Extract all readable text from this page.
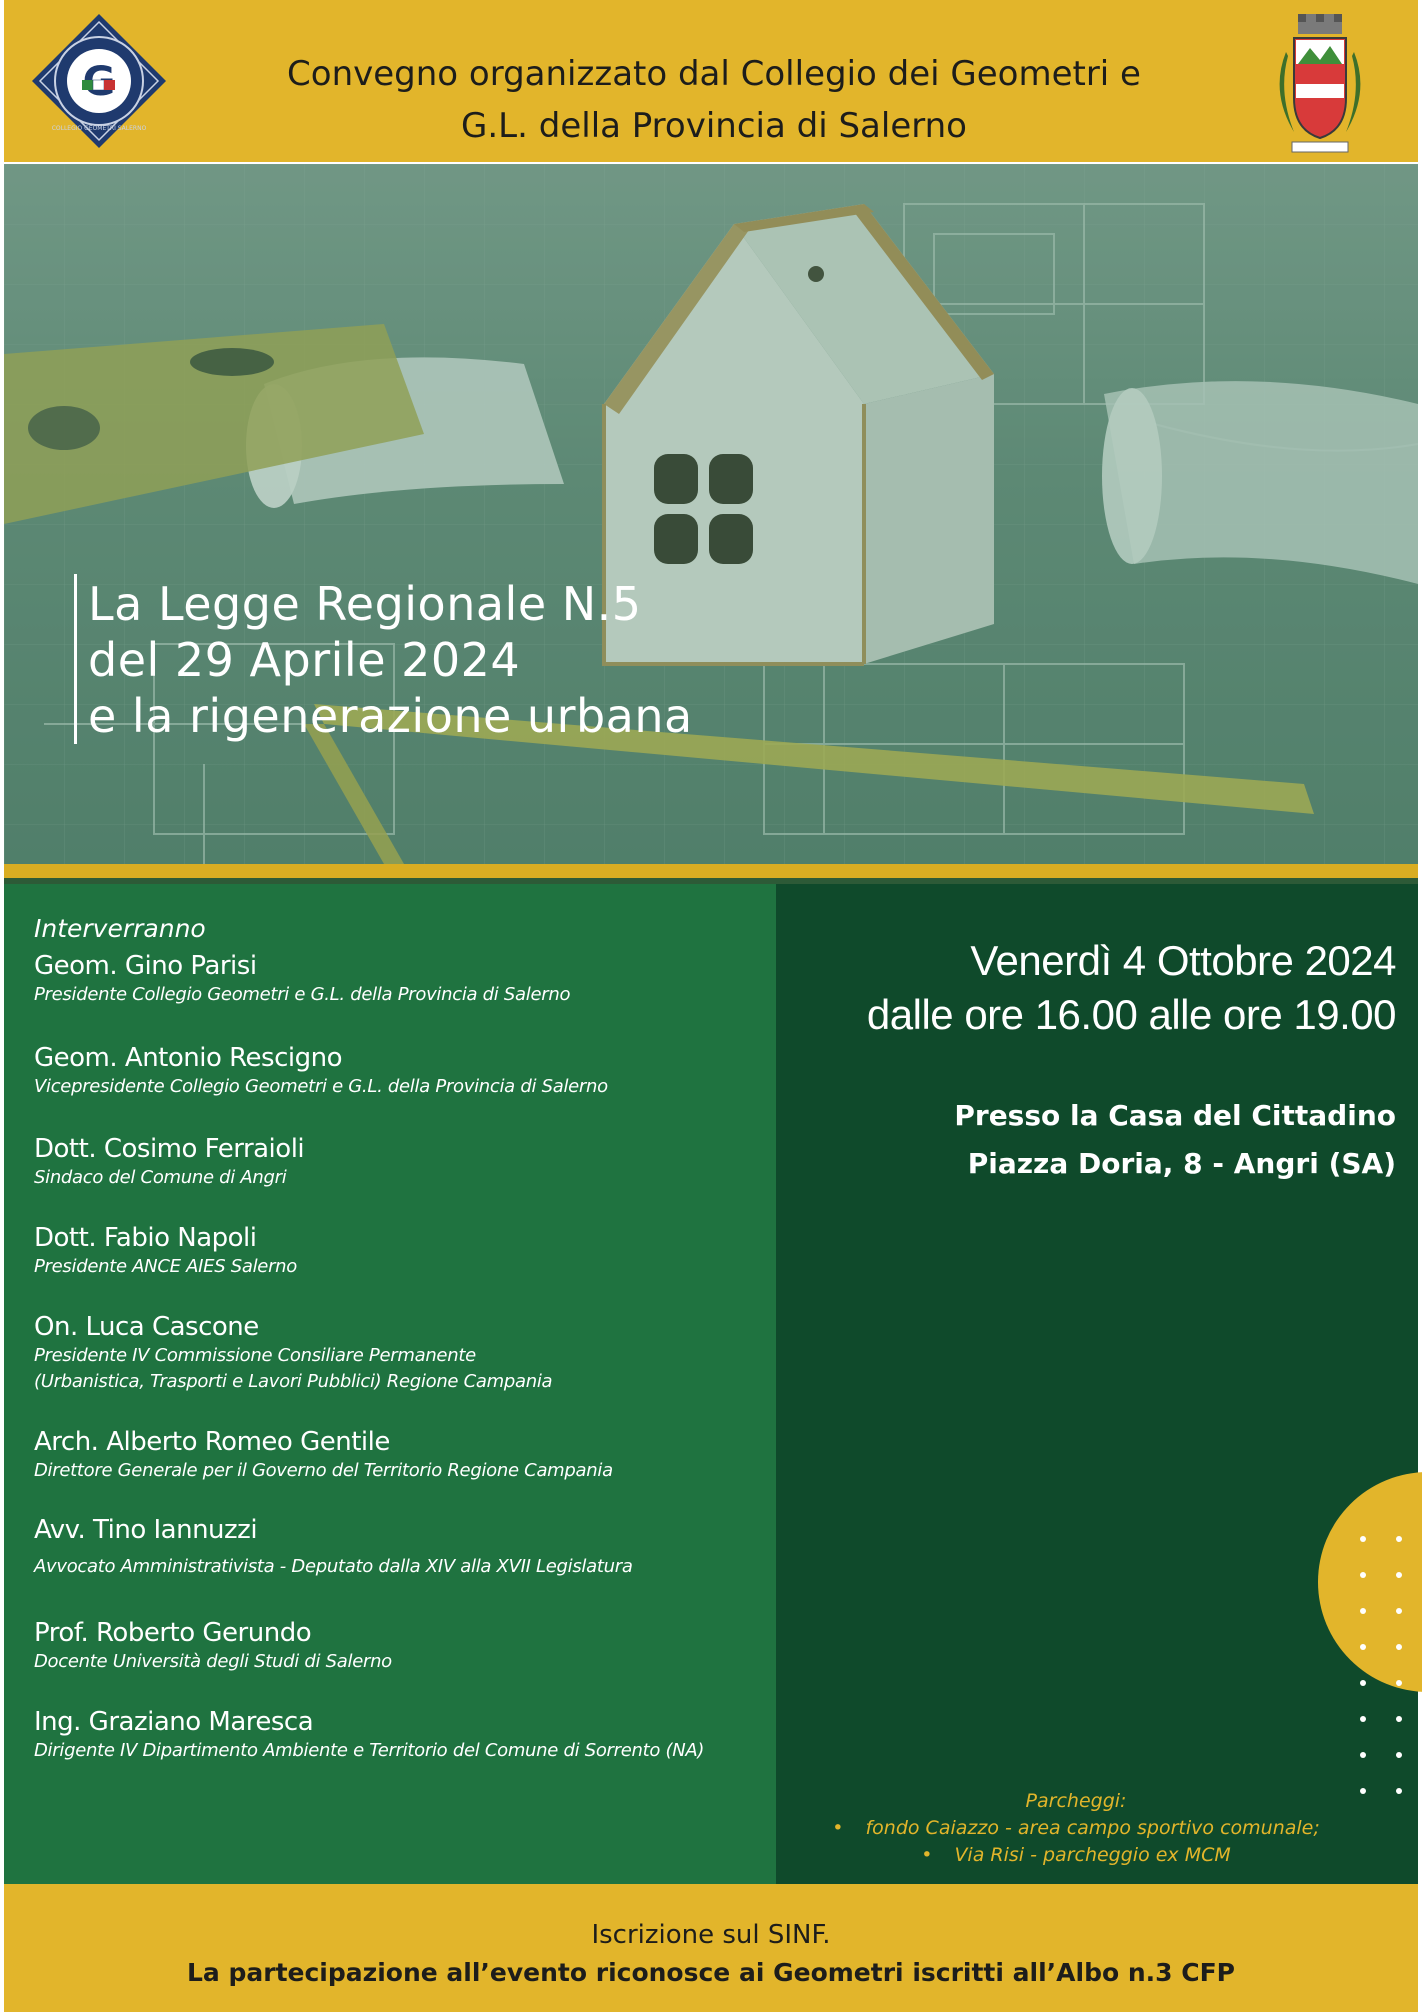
COLLEGIO GEOMETRI SALERNO
Convegno organizzato dal Collegio dei Geometri e
G.L. della Provincia di Salerno
La Legge Regionale N.5
del 29 Aprile 2024
e la rigenerazione urbana
Interverranno
Geom. Gino Parisi
Presidente Collegio Geometri e G.L. della Provincia di Salerno
Geom. Antonio Rescigno
Vicepresidente Collegio Geometri e G.L. della Provincia di Salerno
Dott. Cosimo Ferraioli
Sindaco del Comune di Angri
Dott. Fabio Napoli
Presidente ANCE AIES Salerno
On. Luca Cascone
Presidente IV Commissione Consiliare Permanente
(Urbanistica, Trasporti e Lavori Pubblici) Regione Campania
Arch. Alberto Romeo Gentile
Direttore Generale per il Governo del Territorio Regione Campania
Avv. Tino Iannuzzi
Avvocato Amministrativista - Deputato dalla XIV alla XVII Legislatura
Prof. Roberto Gerundo
Docente Università degli Studi di Salerno
Ing. Graziano Maresca
Dirigente IV Dipartimento Ambiente e Territorio del Comune di Sorrento (NA)
Venerdì 4 Ottobre 2024
dalle ore 16.00 alle ore 19.00
Presso la Casa del Cittadino
Piazza Doria, 8 - Angri (SA)
Parcheggi:
• fondo Caiazzo - area campo sportivo comunale;
• Via Risi - parcheggio ex MCM
Iscrizione sul SINF.
La partecipazione all’evento riconosce ai Geometri iscritti all’Albo n.3 CFP
